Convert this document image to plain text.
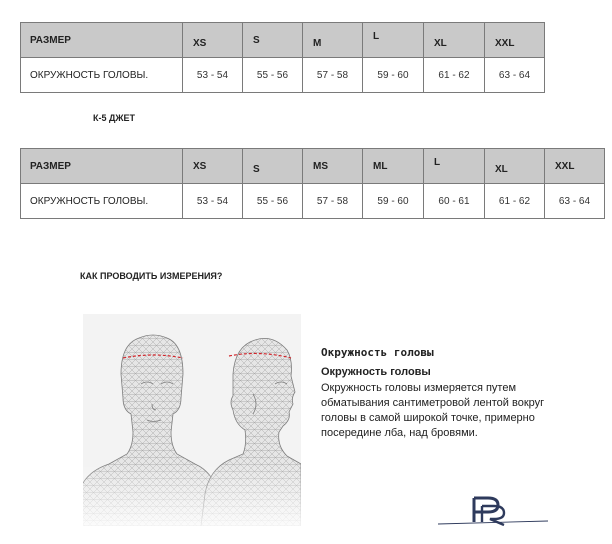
РАЗМЕР	XS	S	M	L	XL	XXL
ОКРУЖНОСТЬ ГОЛОВЫ.	53 - 54	55 - 56	57 - 58	59 - 60	61 - 62	63 - 64
К-5 ДЖЕТ
РАЗМЕР	XS	S	MS	ML	L	XL	XXL
ОКРУЖНОСТЬ ГОЛОВЫ.	53 - 54	55 - 56	57 - 58	59 - 60	60 - 61	61 - 62	63 - 64
КАК ПРОВОДИТЬ ИЗМЕРЕНИЯ?
Окружность головы
Окружность головы
Окружность головы измеряется путем обматывания сантиметровой лентой вокруг головы в самой широкой точке, примерно посередине лба, над бровями.
